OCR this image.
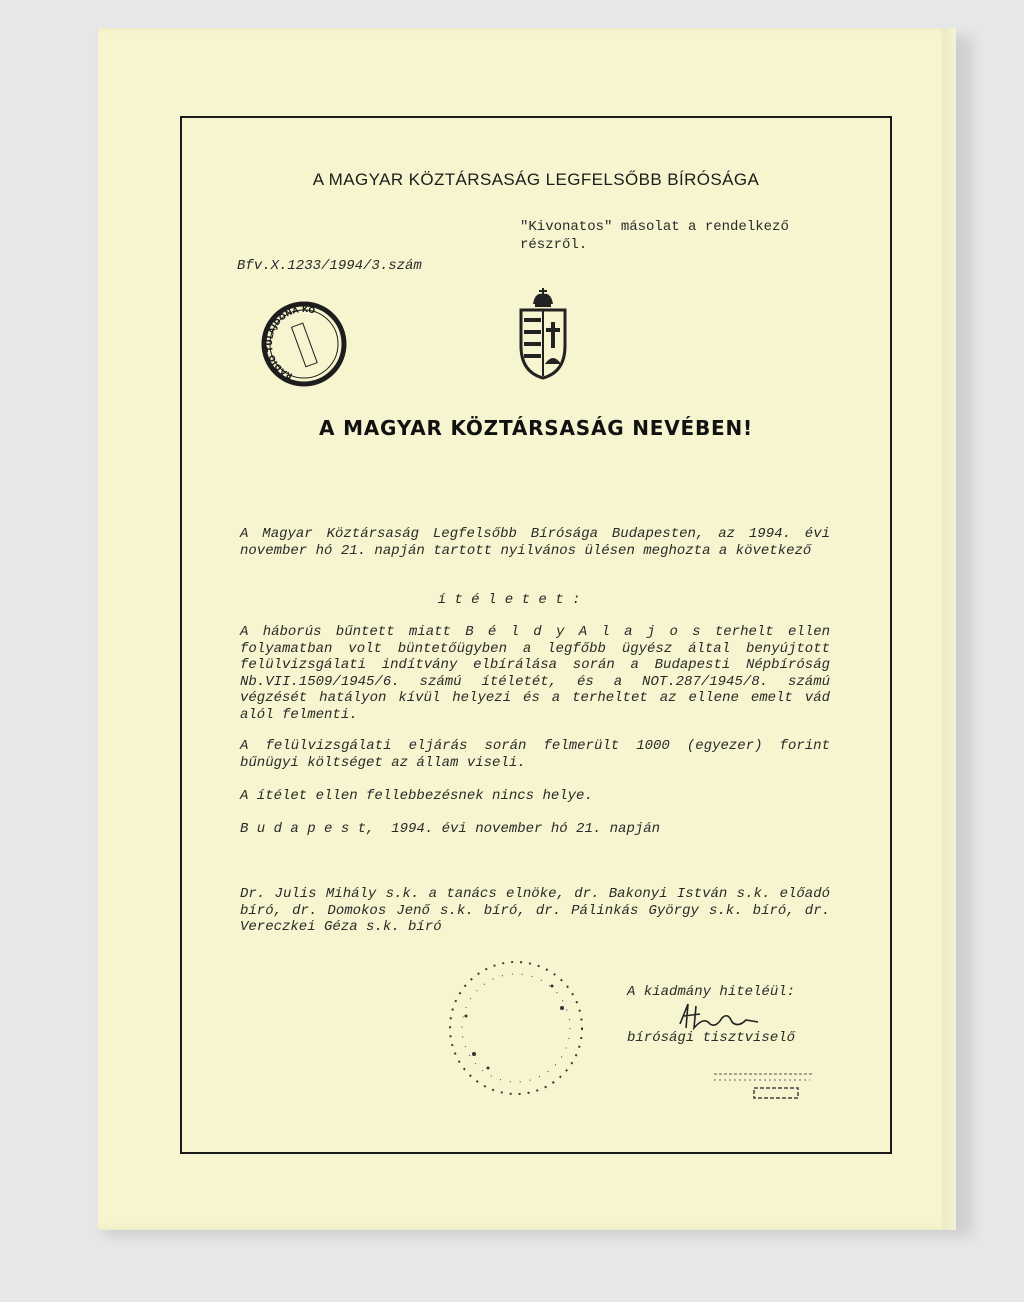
A MAGYAR KÖZTÁRSASÁG LEGFELSŐBB BÍRÓSÁGA
"Kivonatos" másolat a rendelkező
részről.
Bfv.X.1233/1994/3.szám
RÁDIÓ TULAJDONA KÖNYVTÁR
A MAGYAR KÖZTÁRSASÁG NEVÉBEN!
A Magyar Köztársaság Legfelsőbb Bírósága Budapesten, az 1994. évi november hó 21. napján tartott nyilvános ülésen meghozta a következő
í t é l e t e t :
A háborús bűntett miatt B é l d y A l a j o s terhelt ellen folyamatban volt büntetőügyben a legfőbb ügyész által benyújtott felülvizsgálati indítvány elbírálása során a Budapesti Népbíróság Nb.VII.1509/1945/6. számú ítéletét, és a NOT.287/1945/8. számú végzését hatályon kívül helyezi és a terheltet az ellene emelt vád alól felmenti.
A felülvizsgálati eljárás során felmerült 1000 (egyezer) forint bűnügyi költséget az állam viseli.
A ítélet ellen fellebbezésnek nincs helye.
B u d a p e s t,  1994. évi november hó 21. napján
Dr. Julis Mihály s.k. a tanács elnöke, dr. Bakonyi István s.k. előadó bíró, dr. Domokos Jenő s.k. bíró, dr. Pálinkás György s.k. bíró, dr. Vereczkei Géza s.k. bíró
A kiadmány hiteléül:
bírósági tisztviselő
